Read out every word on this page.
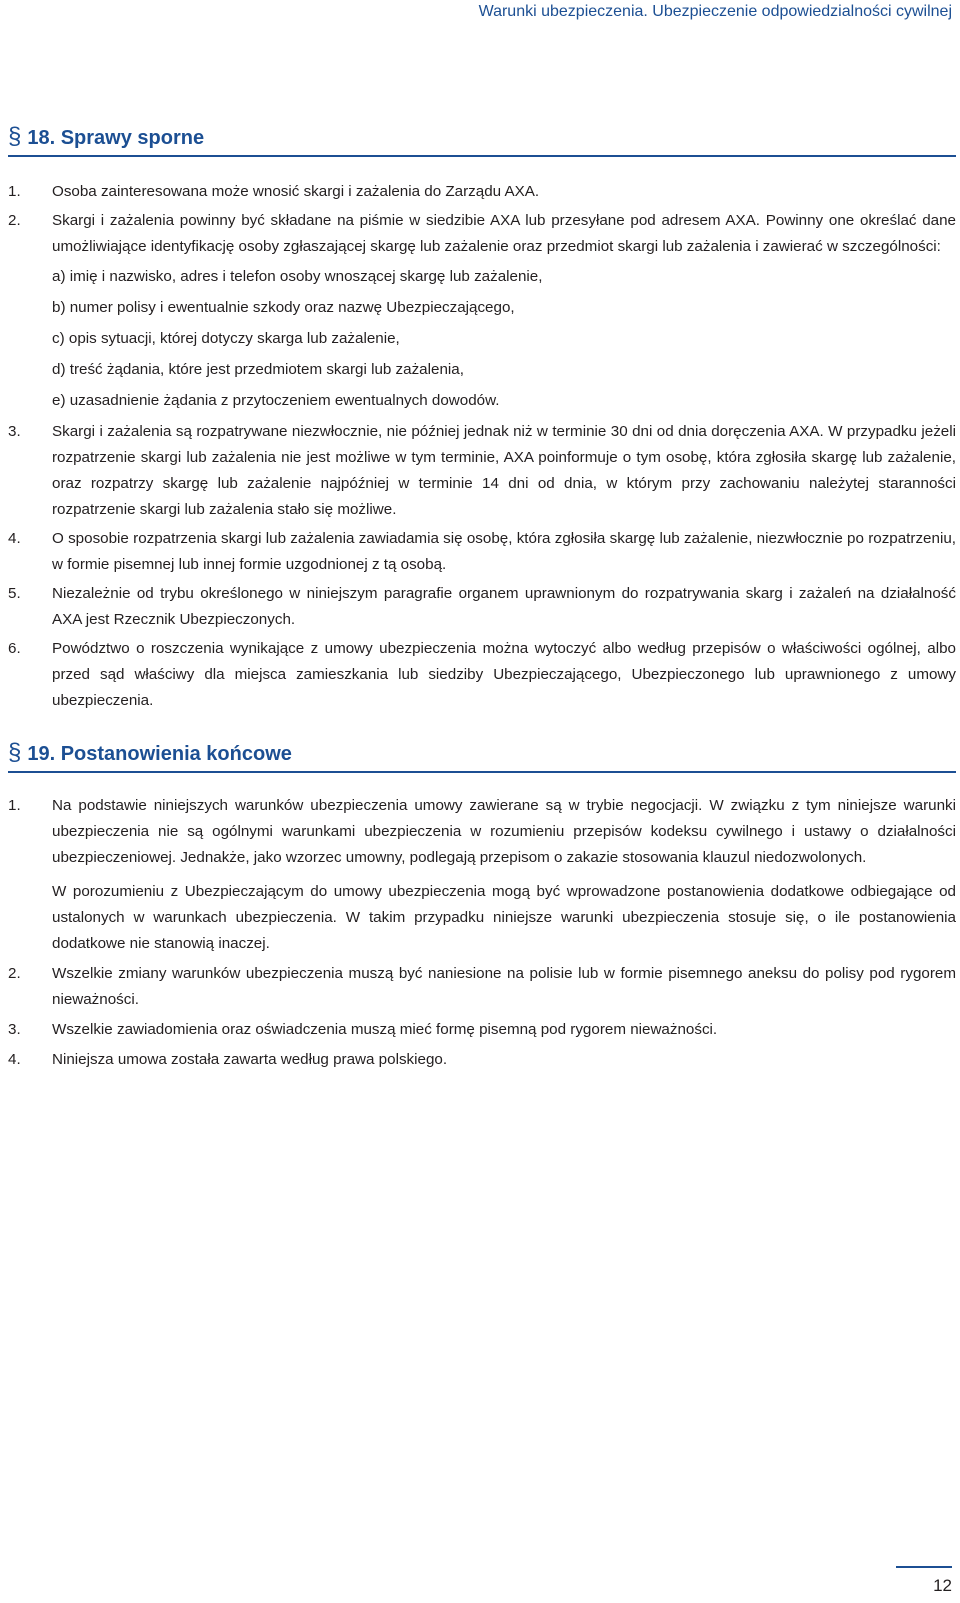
Warunki ubezpieczenia. Ubezpieczenie odpowiedzialności cywilnej
§ 18. Sprawy sporne
1. Osoba zainteresowana może wnosić skargi i zażalenia do Zarządu AXA.
2. Skargi i zażalenia powinny być składane na piśmie w siedzibie AXA lub przesyłane pod adresem AXA. Powinny one określać dane umożliwiające identyfikację osoby zgłaszającej skargę lub zażalenie oraz przedmiot skargi lub zażalenia i zawierać w szczególności:
a) imię i nazwisko, adres i telefon osoby wnoszącej skargę lub zażalenie,
b) numer polisy i ewentualnie szkody oraz nazwę Ubezpieczającego,
c) opis sytuacji, której dotyczy skarga lub zażalenie,
d) treść żądania, które jest przedmiotem skargi lub zażalenia,
e) uzasadnienie żądania z przytoczeniem ewentualnych dowodów.
3. Skargi i zażalenia są rozpatrywane niezwłocznie, nie później jednak niż w terminie 30 dni od dnia doręczenia AXA. W przypadku jeżeli rozpatrzenie skargi lub zażalenia nie jest możliwe w tym terminie, AXA poinformuje o tym osobę, która zgłosiła skargę lub zażalenie, oraz rozpatrzy skargę lub zażalenie najpóźniej w terminie 14 dni od dnia, w którym przy zachowaniu należytej staranności rozpatrzenie skargi lub zażalenia stało się możliwe.
4. O sposobie rozpatrzenia skargi lub zażalenia zawiadamia się osobę, która zgłosiła skargę lub zażalenie, niezwłocznie po rozpatrzeniu, w formie pisemnej lub innej formie uzgodnionej z tą osobą.
5. Niezależnie od trybu określonego w niniejszym paragrafie organem uprawnionym do rozpatrywania skarg i zażaleń na działalność AXA jest Rzecznik Ubezpieczonych.
6. Powództwo o roszczenia wynikające z umowy ubezpieczenia można wytoczyć albo według przepisów o właściwości ogólnej, albo przed sąd właściwy dla miejsca zamieszkania lub siedziby Ubezpieczającego, Ubezpieczonego lub uprawnionego z umowy ubezpieczenia.
§ 19. Postanowienia końcowe
1. Na podstawie niniejszych warunków ubezpieczenia umowy zawierane są w trybie negocjacji. W związku z tym niniejsze warunki ubezpieczenia nie są ogólnymi warunkami ubezpieczenia w rozumieniu przepisów kodeksu cywilnego i ustawy o działalności ubezpieczeniowej. Jednakże, jako wzorzec umowny, podlegają przepisom o zakazie stosowania klauzul niedozwolonych.
W porozumieniu z Ubezpieczającym do umowy ubezpieczenia mogą być wprowadzone postanowienia dodatkowe odbiegające od ustalonych w warunkach ubezpieczenia. W takim przypadku niniejsze warunki ubezpieczenia stosuje się, o ile postanowienia dodatkowe nie stanowią inaczej.
2. Wszelkie zmiany warunków ubezpieczenia muszą być naniesione na polisie lub w formie pisemnego aneksu do polisy pod rygorem nieważności.
3. Wszelkie zawiadomienia oraz oświadczenia muszą mieć formę pisemną pod rygorem nieważności.
4. Niniejsza umowa została zawarta według prawa polskiego.
12
